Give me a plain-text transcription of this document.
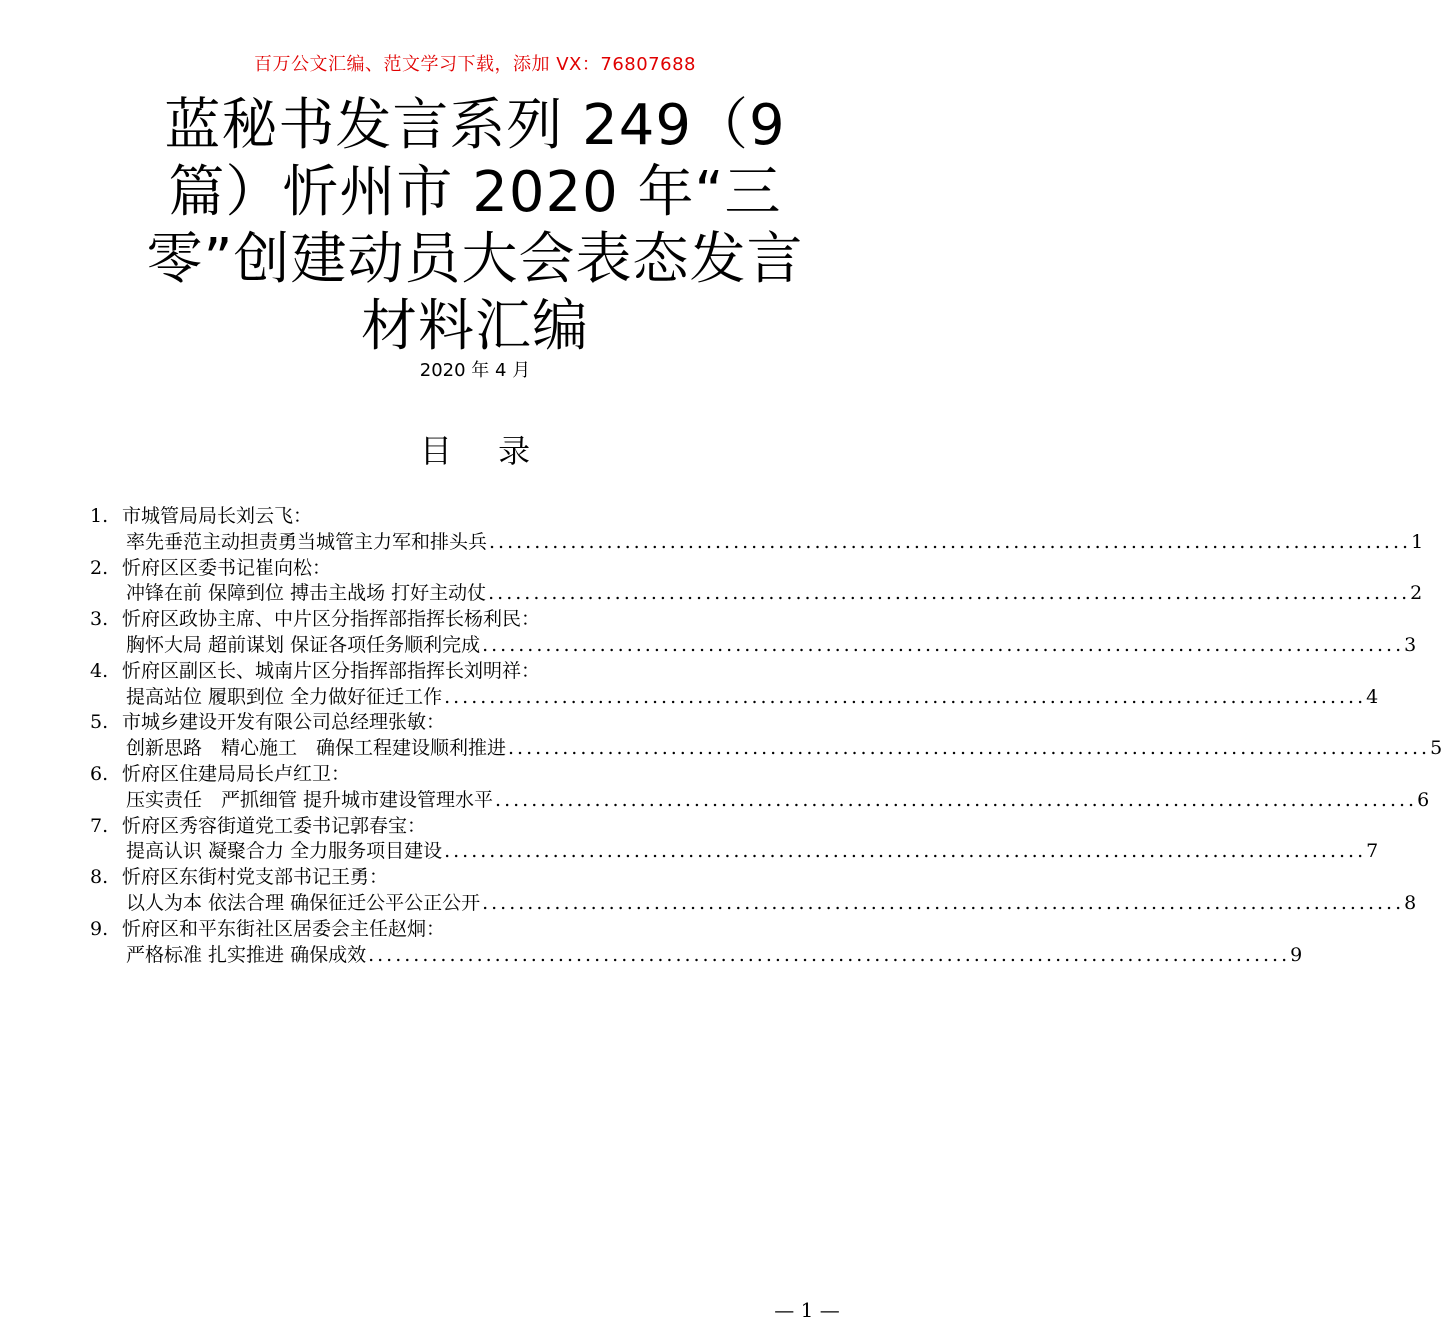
百万公文汇编、范文学习下载，添加 VX：76807688
蓝秘书发言系列 249（9 篇）忻州市 2020 年“三零”创建动员大会表态发言材料汇编
2020 年 4 月
目 录
1. 市城管局局长刘云飞：
率先垂范主动担责勇当城管主力军和排头兵 ...................................................................................................... 1
2. 忻府区区委书记崔向松：
冲锋在前 保障到位 搏击主战场 打好主动仗 ...................................................................................................... 2
3. 忻府区政协主席、中片区分指挥部指挥长杨利民：
胸怀大局 超前谋划 保证各项任务顺利完成 ...................................................................................................... 3
4. 忻府区副区长、城南片区分指挥部指挥长刘明祥：
提高站位 履职到位 全力做好征迁工作 ...................................................................................................... 4
5. 市城乡建设开发有限公司总经理张敏：
创新思路　精心施工　确保工程建设顺利推进 ...................................................................................................... 5
6. 忻府区住建局局长卢红卫：
压实责任　严抓细管 提升城市建设管理水平 ...................................................................................................... 6
7. 忻府区秀容街道党工委书记郭春宝：
提高认识 凝聚合力 全力服务项目建设 ...................................................................................................... 7
8. 忻府区东街村党支部书记王勇：
以人为本 依法合理 确保征迁公平公正公开 ...................................................................................................... 8
9. 忻府区和平东街社区居委会主任赵炯：
严格标准 扎实推进 确保成效 ...................................................................................................... 9
— 1 —
